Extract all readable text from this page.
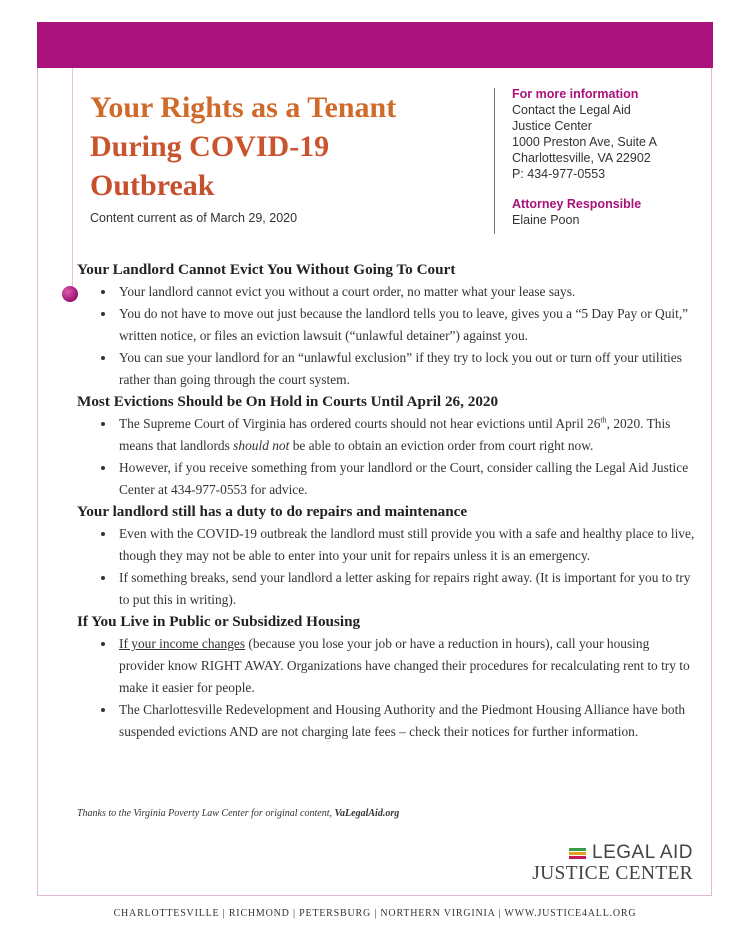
Your Rights as a Tenant
During COVID-19
Outbreak
Content current as of March 29, 2020
For more information
Contact the Legal Aid
Justice Center
1000 Preston Ave, Suite A
Charlottesville, VA 22902
P: 434-977-0553
Attorney Responsible
Elaine Poon
Your Landlord Cannot Evict You Without Going To Court
Your landlord cannot evict you without a court order, no matter what your lease says.
You do not have to move out just because the landlord tells you to leave, gives you a “5 Day Pay or Quit,” written notice, or files an eviction lawsuit (“unlawful detainer”) against you.
You can sue your landlord for an “unlawful exclusion” if they try to lock you out or turn off your utilities rather than going through the court system.
Most Evictions Should be On Hold in Courts Until April 26, 2020
The Supreme Court of Virginia has ordered courts should not hear evictions until April 26th, 2020. This means that landlords should not be able to obtain an eviction order from court right now.
However, if you receive something from your landlord or the Court, consider calling the Legal Aid Justice Center at 434-977-0553 for advice.
Your landlord still has a duty to do repairs and maintenance
Even with the COVID-19 outbreak the landlord must still provide you with a safe and healthy place to live, though they may not be able to enter into your unit for repairs unless it is an emergency.
If something breaks, send your landlord a letter asking for repairs right away. (It is important for you to try to put this in writing).
If You Live in Public or Subsidized Housing
If your income changes (because you lose your job or have a reduction in hours), call your housing provider know RIGHT AWAY. Organizations have changed their procedures for recalculating rent to try to make it easier for people.
The Charlottesville Redevelopment and Housing Authority and the Piedmont Housing Alliance have both suspended evictions AND are not charging late fees – check their notices for further information.
Thanks to the Virginia Poverty Law Center for original content, VaLegalAid.org
LEGAL AID
JUSTICE CENTER
CHARLOTTESVILLE | RICHMOND | PETERSBURG | NORTHERN VIRGINIA | WWW.JUSTICE4ALL.ORG
